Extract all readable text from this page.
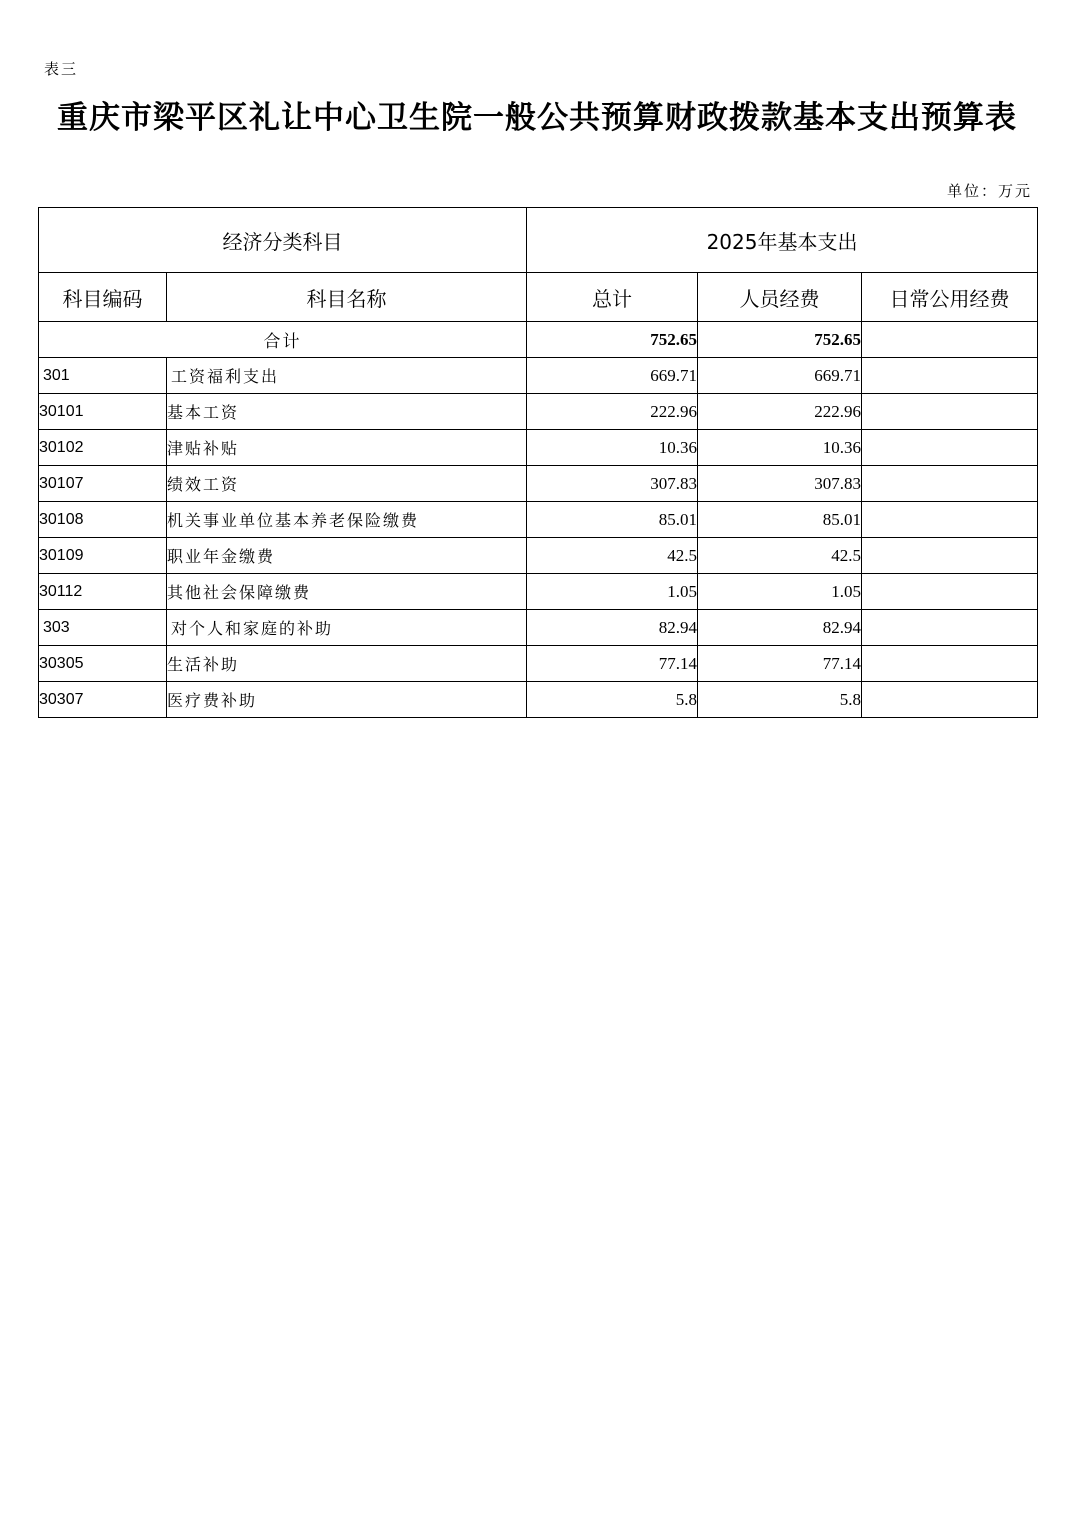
表三
重庆市梁平区礼让中心卫生院一般公共预算财政拨款基本支出预算表
单位：万元
经济分类科目		2025年基本支出		
科目编码	科目名称	总计	人员经费	日常公用经费
合计		752.65	752.65	
301	工资福利支出	669.71	669.71	
30101	基本工资	222.96	222.96	
30102	津贴补贴	10.36	10.36	
30107	绩效工资	307.83	307.83	
30108	机关事业单位基本养老保险缴费	85.01	85.01	
30109	职业年金缴费	42.5	42.5	
30112	其他社会保障缴费	1.05	1.05	
303	对个人和家庭的补助	82.94	82.94	
30305	生活补助	77.14	77.14	
30307	医疗费补助	5.8	5.8	
